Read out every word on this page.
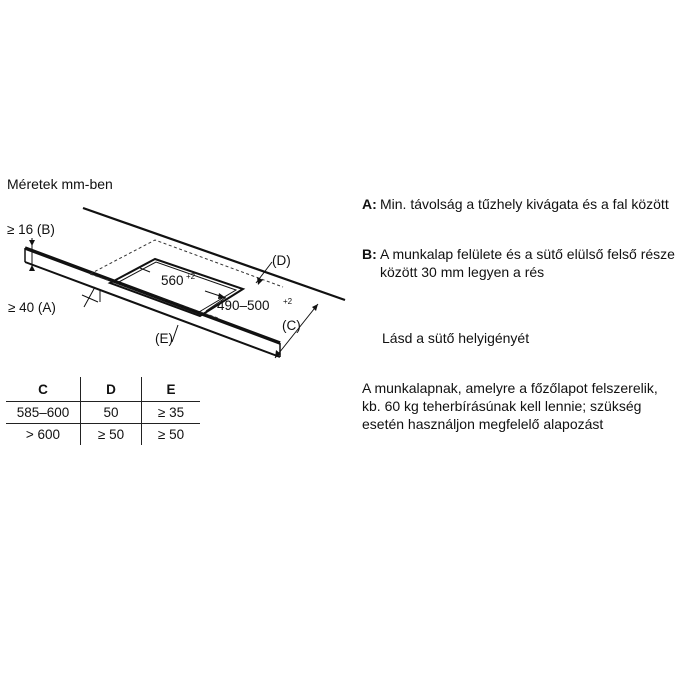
Méretek mm-ben
560 +2
490–500 +2
≥ 16 (B)
≥ 40 (A)
(D)
(E)
(C)
C	D	E
585–600	50	≥ 35
> 600	≥ 50	≥ 50
A: Min. távolság a tűzhely kivágata és a fal között
B: A munkalap felülete és a sütő elülső felső része között 30 mm legyen a rés
Lásd a sütő helyigényét
A munkalapnak, amelyre a főzőlapot felszerelik, kb. 60 kg teherbírásúnak kell lennie; szükség esetén használjon megfelelő alapozást
